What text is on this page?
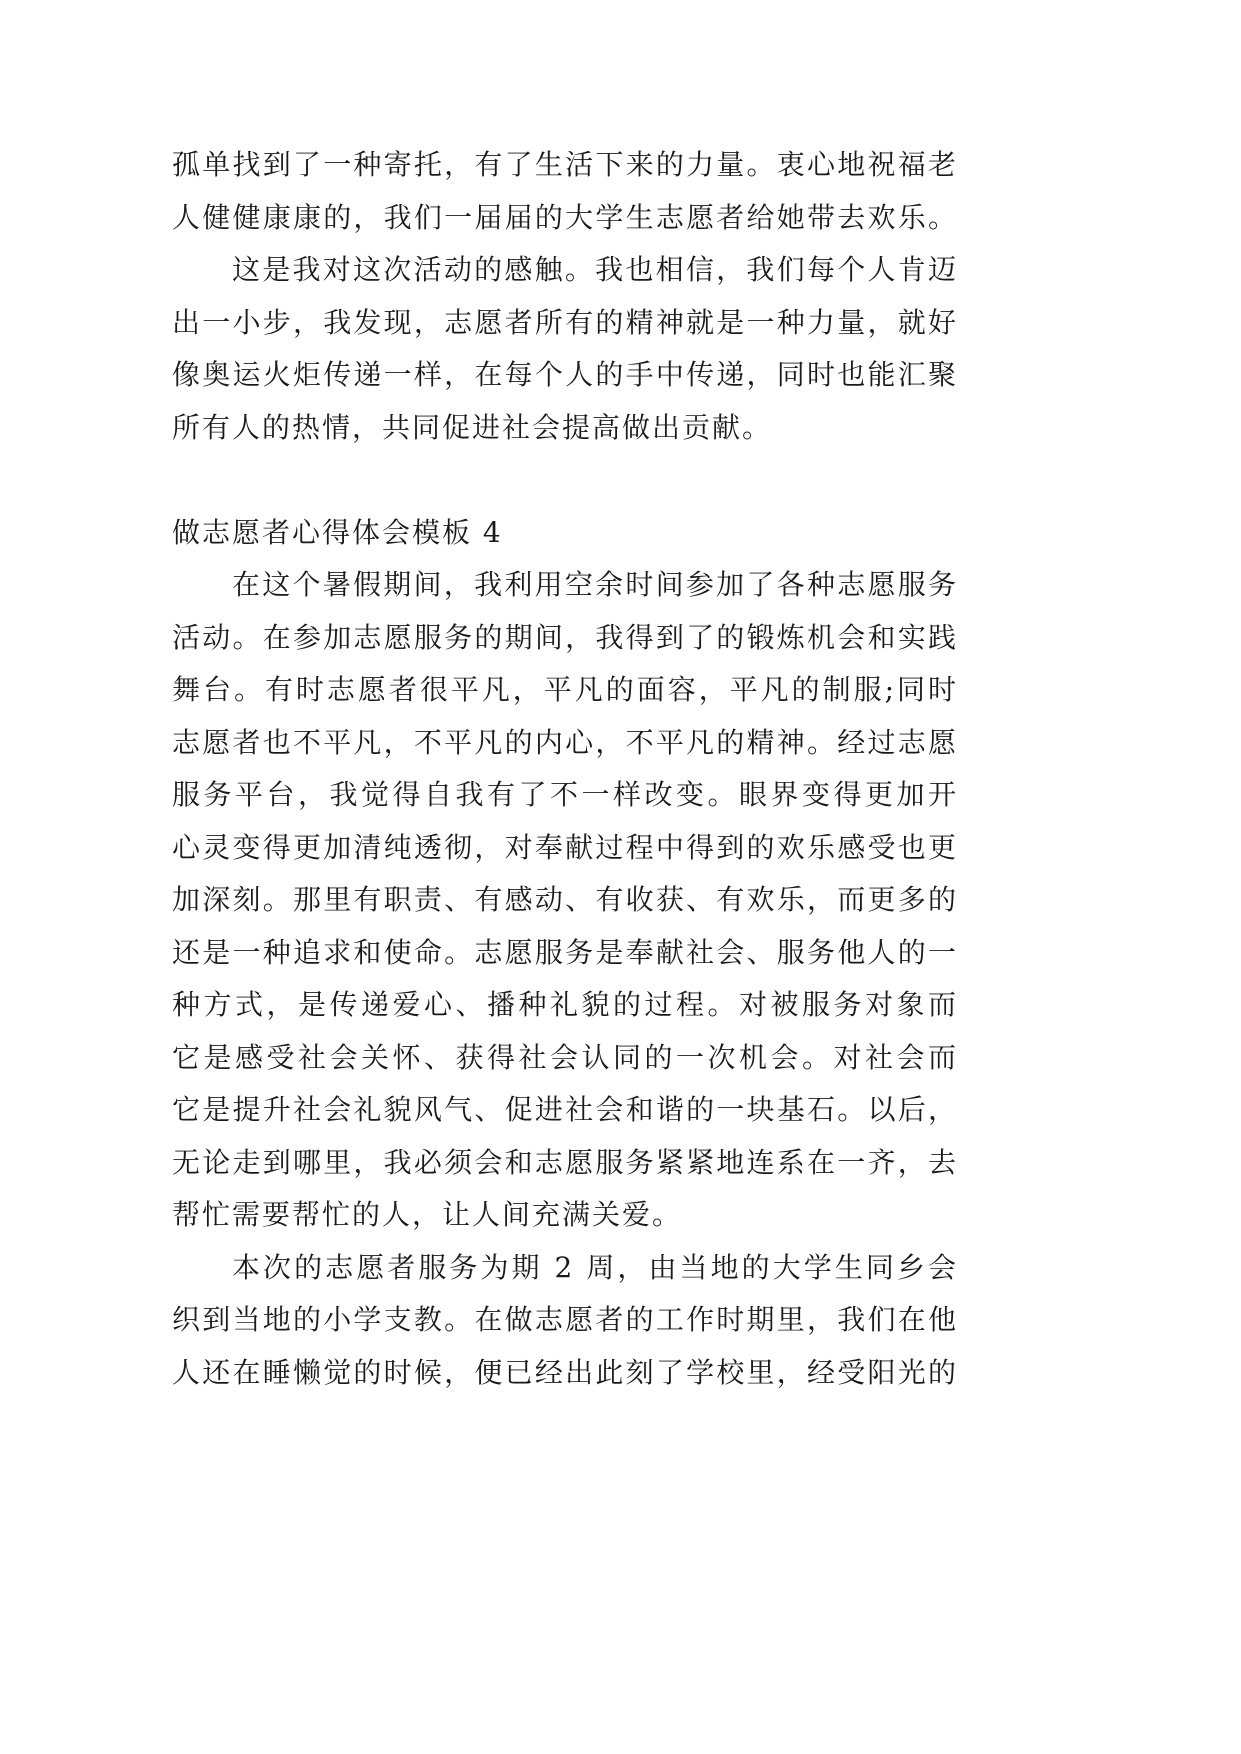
孤单找到了一种寄托，有了生活下来的力量。衷心地祝福老
人健健康康的，我们一届届的大学生志愿者给她带去欢乐。
这是我对这次活动的感触。我也相信，我们每个人肯迈
出一小步，我发现，志愿者所有的精神就是一种力量，就好
像奥运火炬传递一样，在每个人的手中传递，同时也能汇聚
所有人的热情，共同促进社会提高做出贡献。
做志愿者心得体会模板 4
在这个暑假期间，我利用空余时间参加了各种志愿服务
活动。在参加志愿服务的期间，我得到了的锻炼机会和实践
舞台。有时志愿者很平凡，平凡的面容，平凡的制服;同时
志愿者也不平凡，不平凡的内心，不平凡的精神。经过志愿
服务平台，我觉得自我有了不一样改变。眼界变得更加开
心灵变得更加清纯透彻，对奉献过程中得到的欢乐感受也更
加深刻。那里有职责、有感动、有收获、有欢乐，而更多的
还是一种追求和使命。志愿服务是奉献社会、服务他人的一
种方式，是传递爱心、播种礼貌的过程。对被服务对象而
它是感受社会关怀、获得社会认同的一次机会。对社会而
它是提升社会礼貌风气、促进社会和谐的一块基石。以后，
无论走到哪里，我必须会和志愿服务紧紧地连系在一齐，去
帮忙需要帮忙的人，让人间充满关爱。
本次的志愿者服务为期 2 周，由当地的大学生同乡会
织到当地的小学支教。在做志愿者的工作时期里，我们在他
人还在睡懒觉的时候，便已经出此刻了学校里，经受阳光的
